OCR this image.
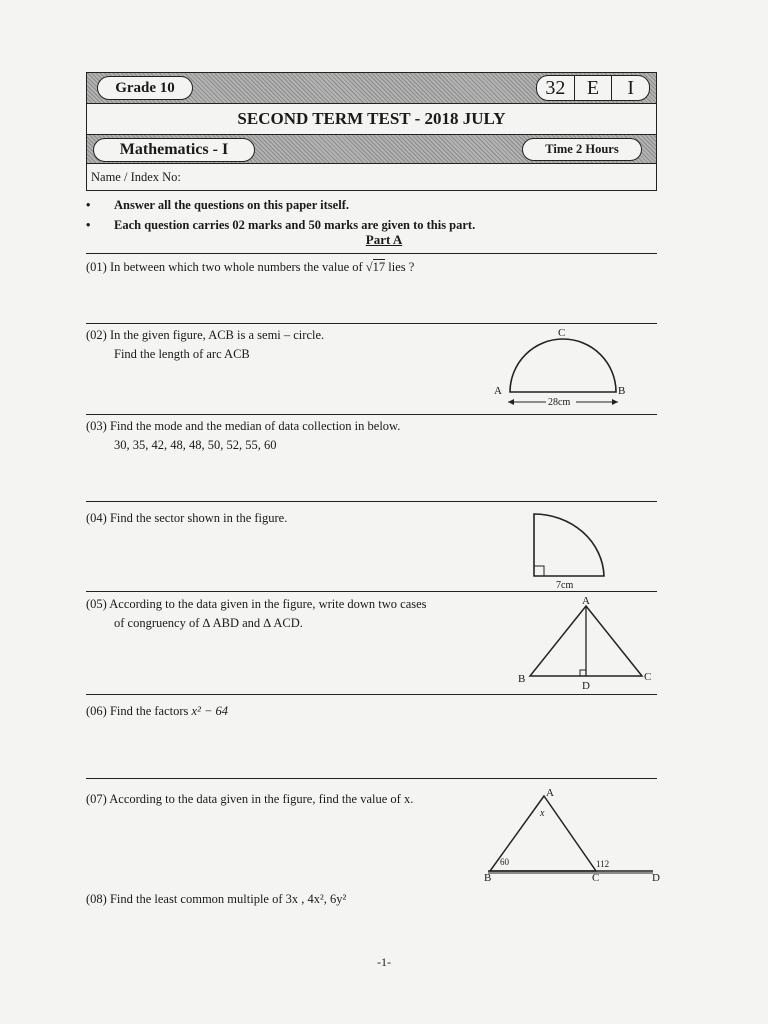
Grade 10	32	E	I
SECOND TERM TEST - 2018 JULY
Mathematics - I	Time 2 Hours
Name / Index No:
• Answer all the questions on this paper itself.
• Each question carries 02 marks and 50 marks are given to this part.
Part A
(01) In between which two whole numbers the value of √17 lies ?
(02) In the given figure, ACB is a semi – circle.
Find the length of arc ACB
C
A	B
28cm
(03) Find the mode and the median of data collection in below.
30, 35, 42, 48, 48, 50, 52, 55, 60
(04) Find the sector shown in the figure.
7cm
(05) According to the data given in the figure, write down two cases
of congruency of ∆ ABD and ∆ ACD.
A
B
D
C
(06) Find the factors x² − 64
(07) According to the data given in the figure, find the value of x.	A
x
60	112
B	C	D
(08) Find the least common multiple of 3x , 4x², 6y²
-1-
